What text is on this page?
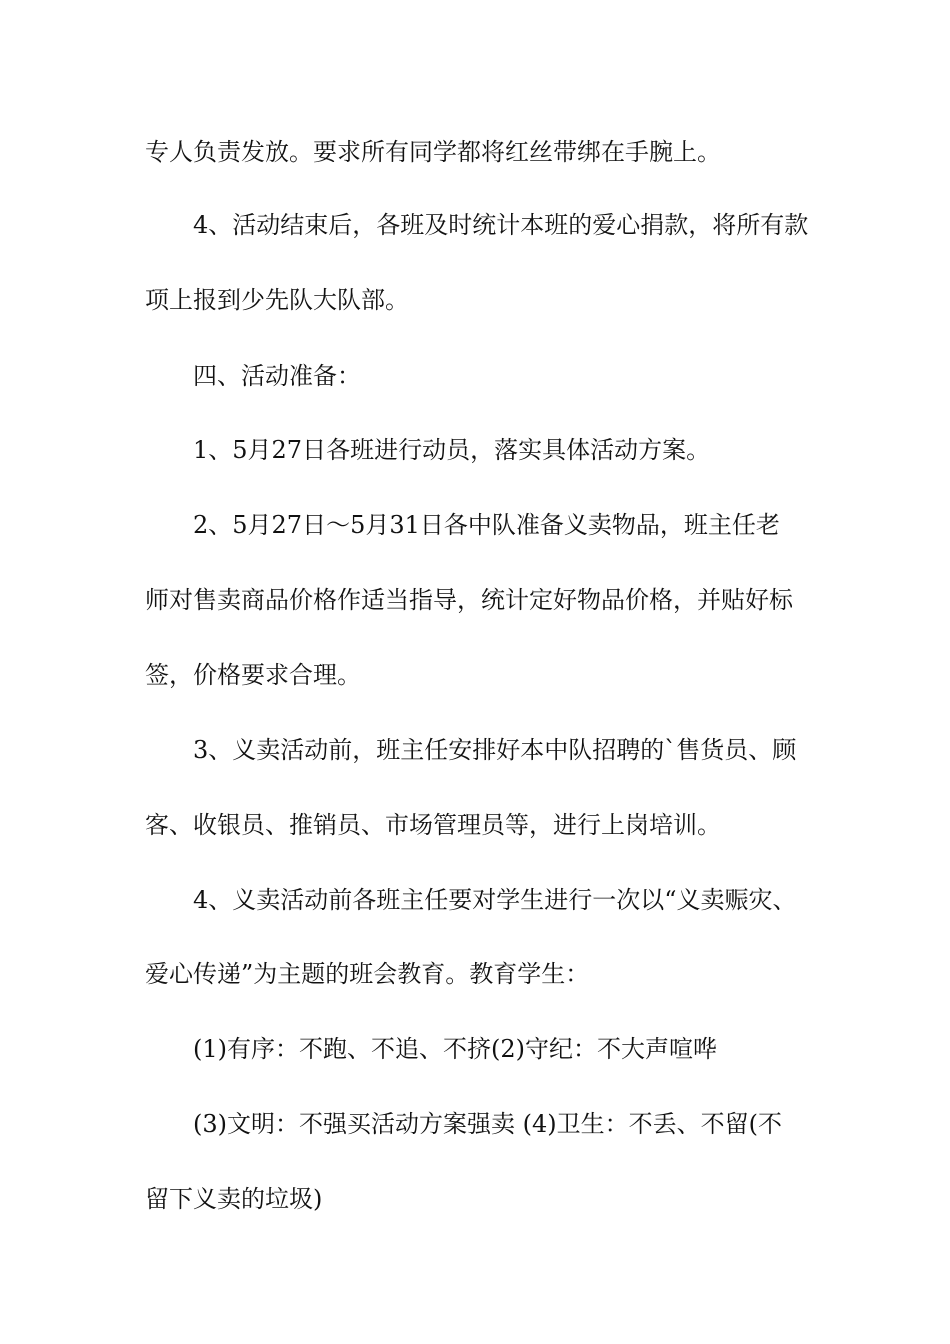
专人负责发放。要求所有同学都将红丝带绑在手腕上。

4、活动结束后，各班及时统计本班的爱心捐款，将所有款

项上报到少先队大队部。

四、活动准备：

1、5月27日各班进行动员，落实具体活动方案。

2、5月27日～5月31日各中队准备义卖物品，班主任老

师对售卖商品价格作适当指导，统计定好物品价格，并贴好标

签，价格要求合理。

3、义卖活动前，班主任安排好本中队招聘的`售货员、顾

客、收银员、推销员、市场管理员等，进行上岗培训。

4、义卖活动前各班主任要对学生进行一次以“义卖赈灾、

爱心传递”为主题的班会教育。教育学生：

(1)有序：不跑、不追、不挤(2)守纪：不大声喧哗

(3)文明：不强买活动方案强卖 (4)卫生：不丢、不留(不

留下义卖的垃圾)
